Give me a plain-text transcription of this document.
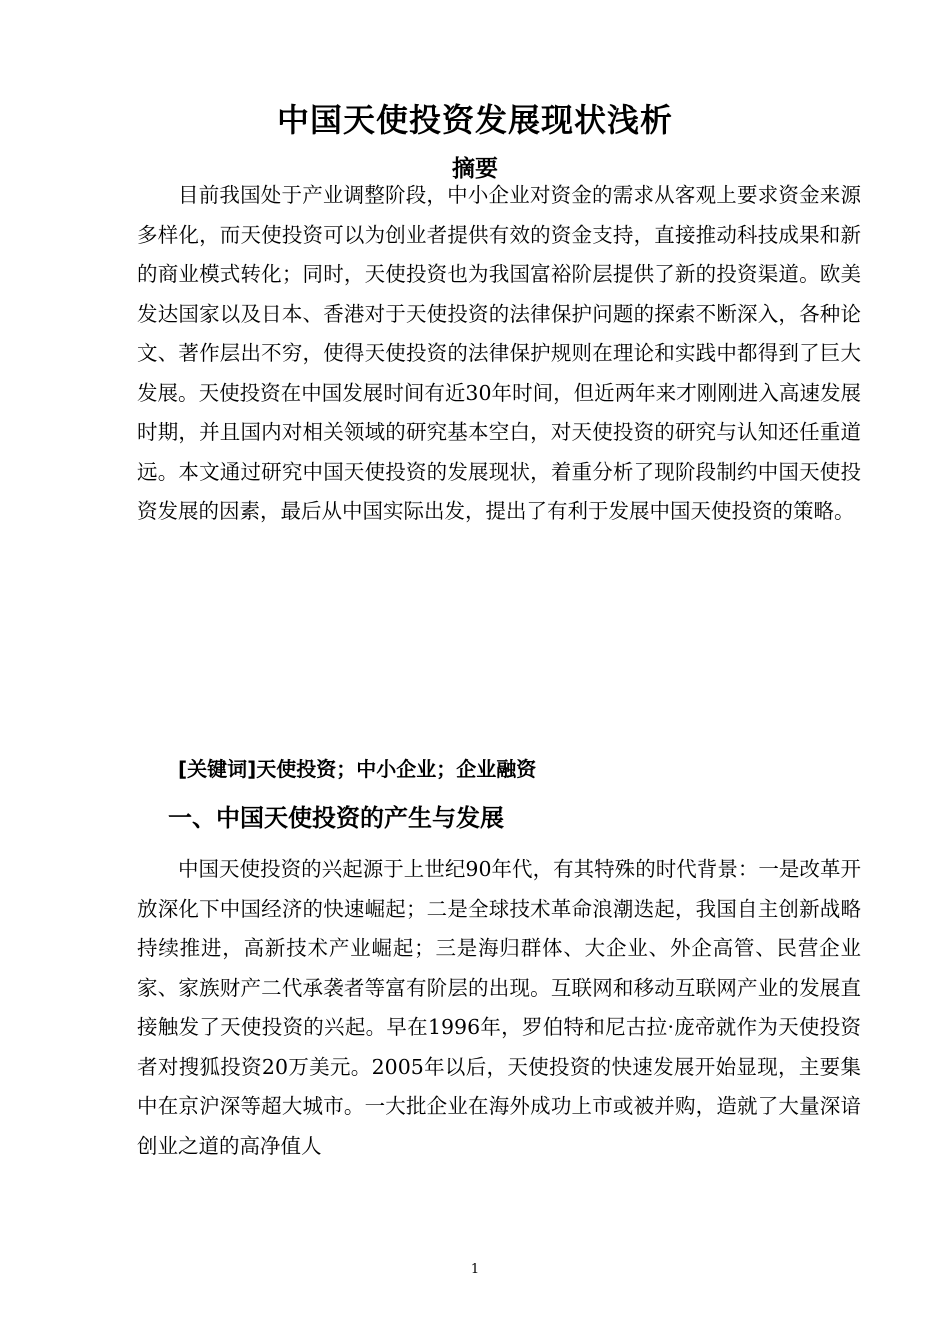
中国天使投资发展现状浅析
摘要

目前我国处于产业调整阶段，中小企业对资金的需求从客观上要求资金来源多样化，而天使投资可以为创业者提供有效的资金支持，直接推动科技成果和新的商业模式转化；同时，天使投资也为我国富裕阶层提供了新的投资渠道。欧美发达国家以及日本、香港对于天使投资的法律保护问题的探索不断深入，各种论文、著作层出不穷，使得天使投资的法律保护规则在理论和实践中都得到了巨大发展。天使投资在中国发展时间有近30年时间，但近两年来才刚刚进入高速发展时期，并且国内对相关领域的研究基本空白，对天使投资的研究与认知还任重道远。本文通过研究中国天使投资的发展现状，着重分析了现阶段制约中国天使投资发展的因素，最后从中国实际出发，提出了有利于发展中国天使投资的策略。

[关键词]天使投资；中小企业；企业融资
一、中国天使投资的产生与发展

中国天使投资的兴起源于上世纪90年代，有其特殊的时代背景：一是改革开放深化下中国经济的快速崛起；二是全球技术革命浪潮迭起，我国自主创新战略持续推进，高新技术产业崛起；三是海归群体、大企业、外企高管、民营企业家、家族财产二代承袭者等富有阶层的出现。互联网和移动互联网产业的发展直接触发了天使投资的兴起。早在1996年，罗伯特和尼古拉·庞帝就作为天使投资者对搜狐投资20万美元。2005年以后，天使投资的快速发展开始显现，主要集中在京沪深等超大城市。一大批企业在海外成功上市或被并购，造就了大量深谙创业之道的高净值人

1
